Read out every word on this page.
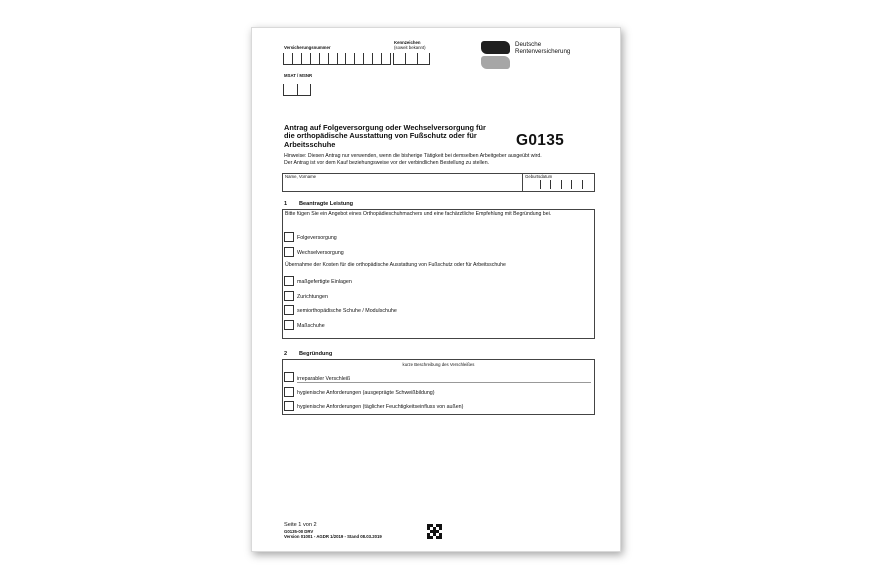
Versicherungsnummer
Kennzeichen
(soweit bekannt)
MSAT / MSNR
Deutsche
Rentenversicherung
Antrag auf Folgeversorgung oder Wechselversorgung für die orthopädische Ausstattung von Fußschutz oder für Arbeitsschuhe	G0135
Hinweise: Diesen Antrag nur verwenden, wenn die bisherige Tätigkeit bei demselben Arbeitgeber ausgeübt wird.
Der Antrag ist vor dem Kauf beziehungsweise vor der verbindlichen Bestellung zu stellen.
Name, Vorname	Geburtsdatum
1 Beantragte Leistung
Bitte fügen Sie ein Angebot eines Orthopädieschuhmachers und eine fachärztliche Empfehlung mit Begründung bei.
Folgeversorgung
Wechselversorgung
Übernahme der Kosten für die orthopädische Ausstattung von Fußschutz oder für Arbeitsschuhe
maßgefertigte Einlagen
Zurichtungen
semiorthopädische Schuhe / Modulschuhe
Maßschuhe
2 Begründung
kurze Beschreibung des Verschleißes
irreparabler Verschleiß
hygienische Anforderungen (ausgeprägte Schweißbildung)
hygienische Anforderungen (täglicher Feuchtigkeitseinfluss von außen)
Seite 1 von 2
G0135-00 DRV
Version 01001 - AGDR 1/2019 - Stand 08.03.2019
